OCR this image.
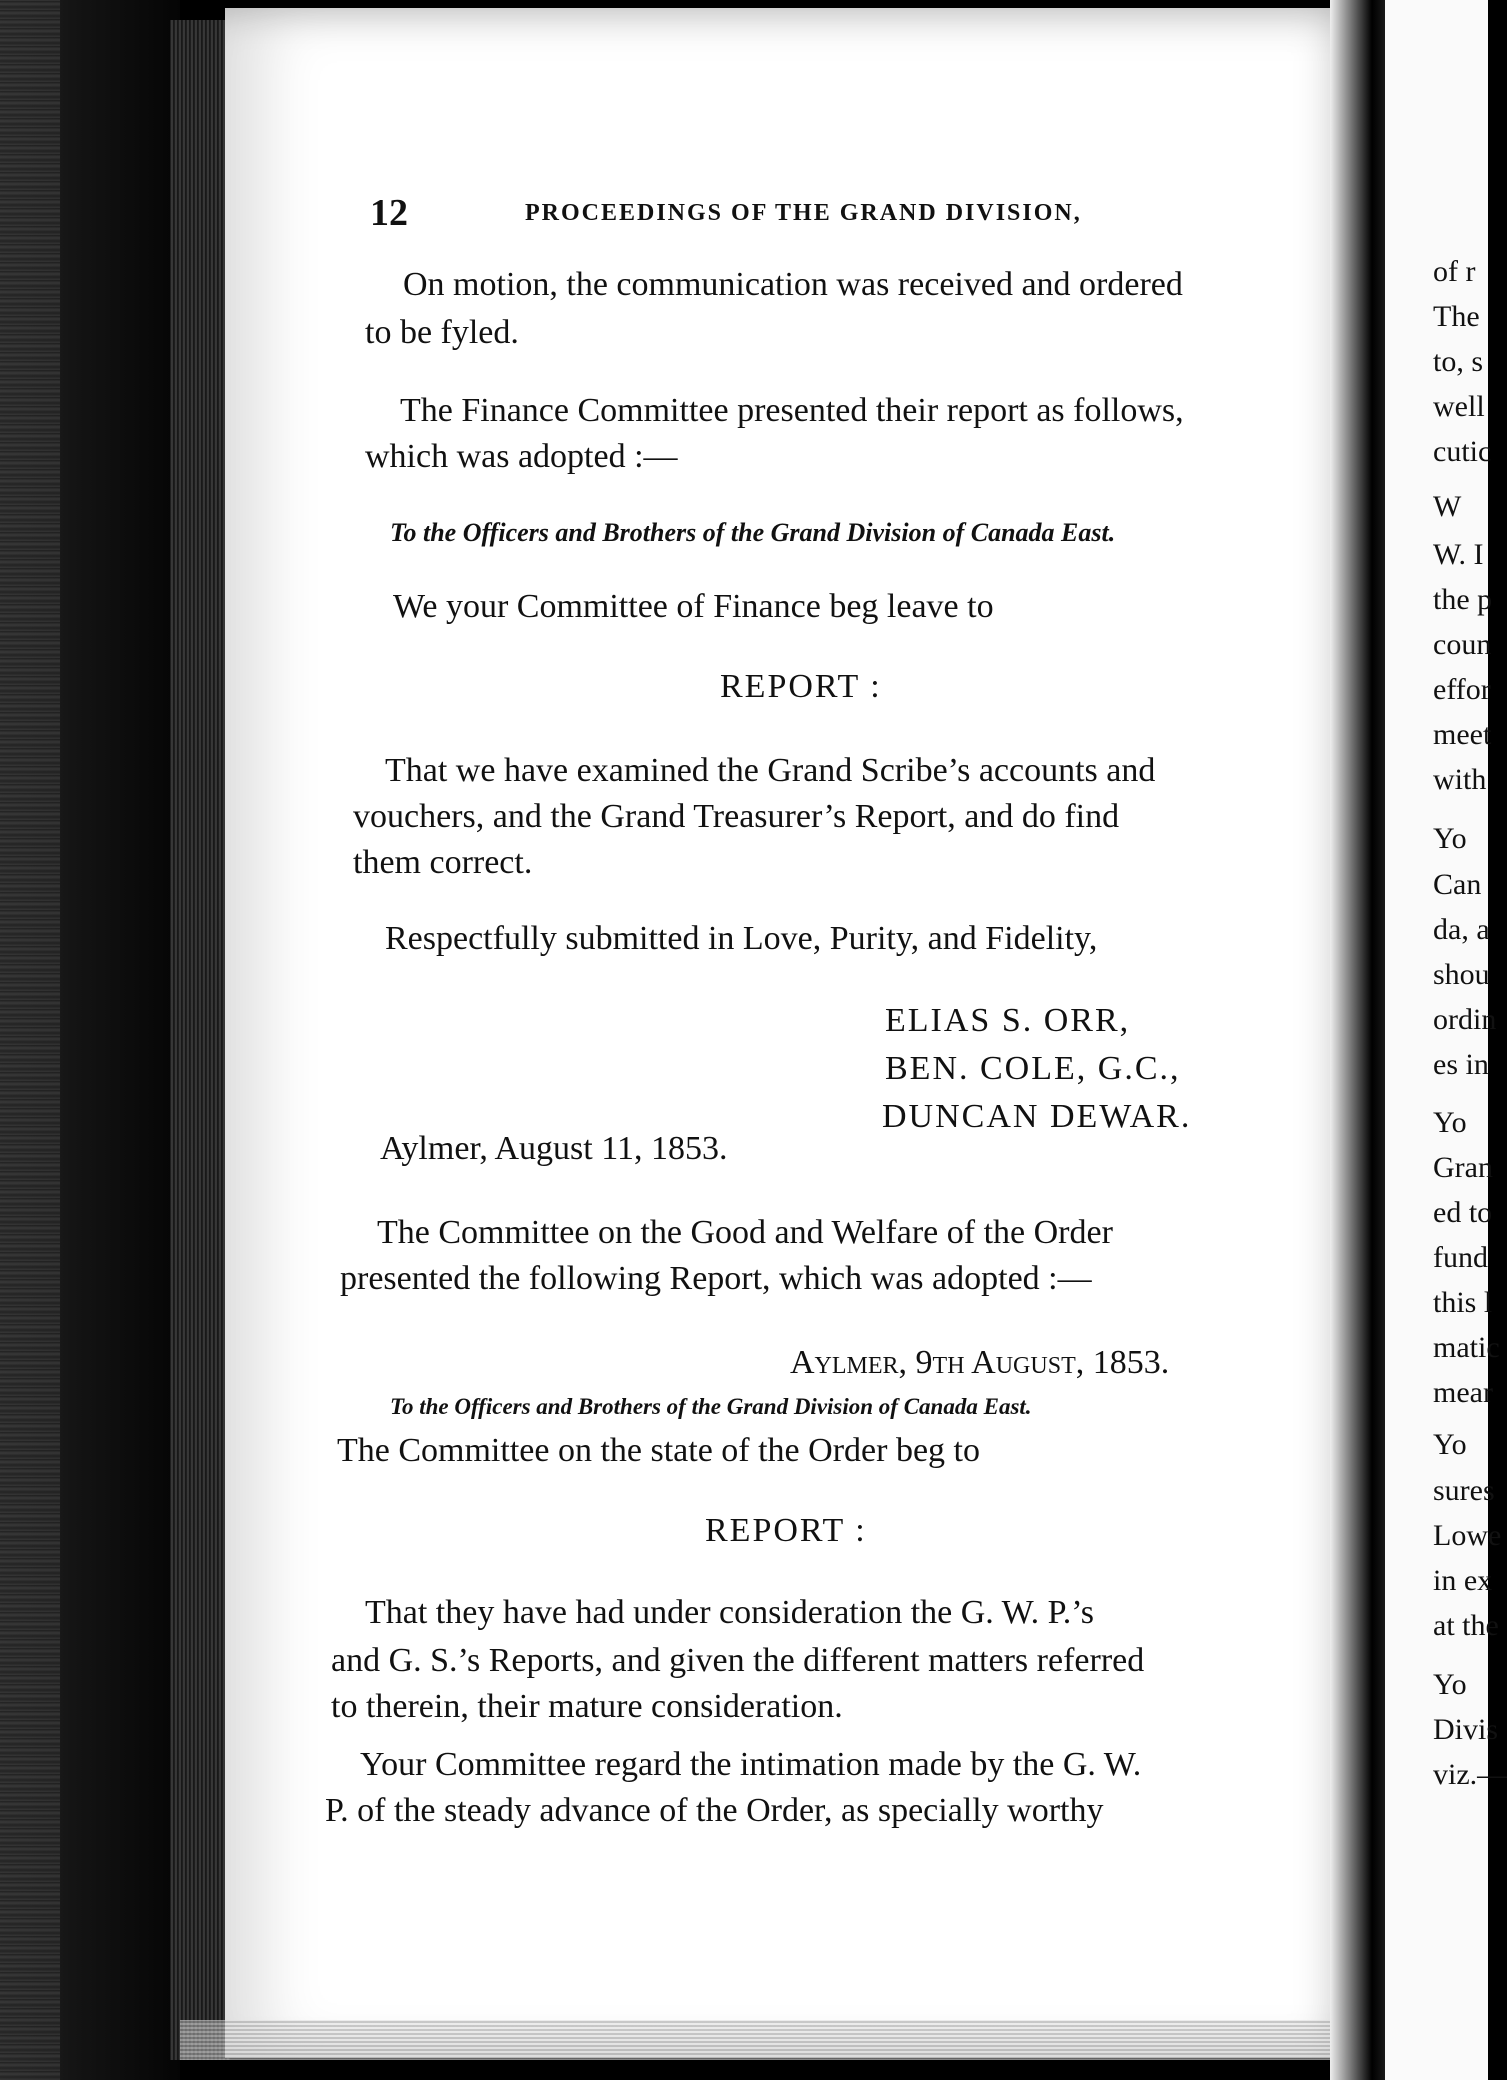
12	PROCEEDINGS OF THE GRAND DIVISION,
On motion, the communication was received and ordered
to be fyled.
The Finance Committee presented their report as follows,
which was adopted :—
To the Officers and Brothers of the Grand Division of Canada East.
We your Committee of Finance beg leave to
REPORT :
That we have examined the Grand Scribe’s accounts and
vouchers, and the Grand Treasurer’s Report, and do find
them correct.
Respectfully submitted in Love, Purity, and Fidelity,
ELIAS S. ORR,
BEN. COLE, G.C.,
DUNCAN DEWAR.
Aylmer, August 11, 1853.
The Committee on the Good and Welfare of the Order
presented the following Report, which was adopted :—
Aylmer, 9th August, 1853.
To the Officers and Brothers of the Grand Division of Canada East.
The Committee on the state of the Order beg to
REPORT :
That they have had under consideration the G. W. P.’s
and G. S.’s Reports, and given the different matters referred
to therein, their mature consideration.
Your Committee regard the intimation made by the G. W.
P. of the steady advance of the Order, as specially worthy
of r
The
to, s
well
cutic
W
W. I
the p
coun
effor
meet
with
Yo
Can
da, a
shou
ordin
es in
Yo
Gran
ed to
fund
this l
matic
mear
Yo
sures
Lowe
in ex
at the
Yo
Divis
viz.—
